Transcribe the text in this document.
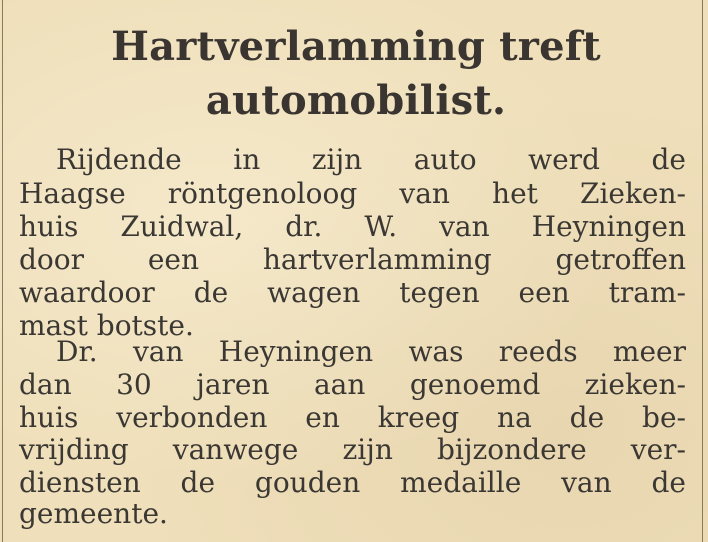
Hartverlamming treft
automobilist.
Rijdende in zijn auto werd de
Haagse röntgenoloog van het Zieken-
huis Zuidwal, dr. W. van Heyningen
door een hartverlamming getroffen
waardoor de wagen tegen een tram-
mast botste.
Dr. van Heyningen was reeds meer
dan 30 jaren aan genoemd zieken-
huis verbonden en kreeg na de be-
vrijding vanwege zijn bijzondere ver-
diensten de gouden medaille van de
gemeente.
